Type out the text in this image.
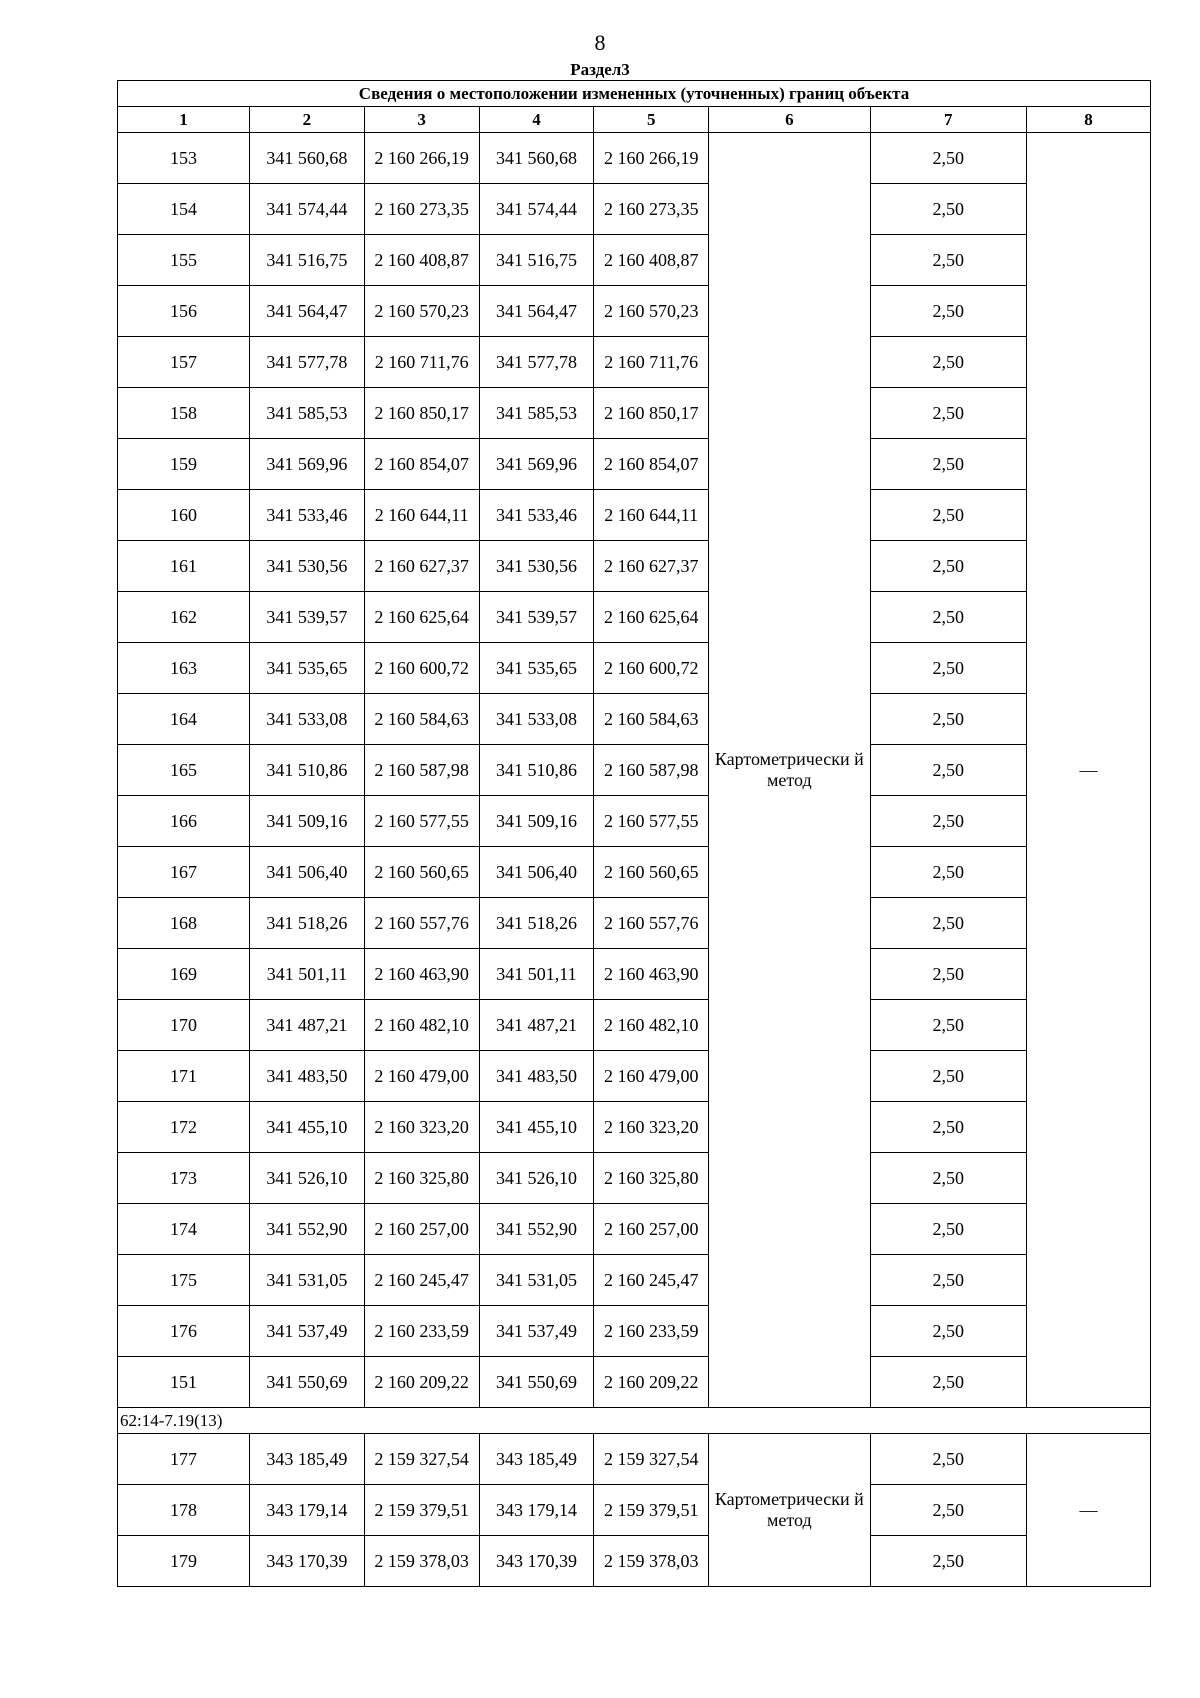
8
Раздел3
Сведения о местоположении измененных (уточненных) границ объекта							
1	2	3	4	5	6	7	8
153	341 560,68	2 160 266,19	341 560,68	2 160 266,19	Картометрически й метод	2,50	—
154	341 574,44	2 160 273,35	341 574,44	2 160 273,35		2,50	
155	341 516,75	2 160 408,87	341 516,75	2 160 408,87		2,50	
156	341 564,47	2 160 570,23	341 564,47	2 160 570,23		2,50	
157	341 577,78	2 160 711,76	341 577,78	2 160 711,76		2,50	
158	341 585,53	2 160 850,17	341 585,53	2 160 850,17		2,50	
159	341 569,96	2 160 854,07	341 569,96	2 160 854,07		2,50	
160	341 533,46	2 160 644,11	341 533,46	2 160 644,11		2,50	
161	341 530,56	2 160 627,37	341 530,56	2 160 627,37		2,50	
162	341 539,57	2 160 625,64	341 539,57	2 160 625,64		2,50	
163	341 535,65	2 160 600,72	341 535,65	2 160 600,72		2,50	
164	341 533,08	2 160 584,63	341 533,08	2 160 584,63		2,50	
165	341 510,86	2 160 587,98	341 510,86	2 160 587,98		2,50	
166	341 509,16	2 160 577,55	341 509,16	2 160 577,55		2,50	
167	341 506,40	2 160 560,65	341 506,40	2 160 560,65		2,50	
168	341 518,26	2 160 557,76	341 518,26	2 160 557,76		2,50	
169	341 501,11	2 160 463,90	341 501,11	2 160 463,90		2,50	
170	341 487,21	2 160 482,10	341 487,21	2 160 482,10		2,50	
171	341 483,50	2 160 479,00	341 483,50	2 160 479,00		2,50	
172	341 455,10	2 160 323,20	341 455,10	2 160 323,20		2,50	
173	341 526,10	2 160 325,80	341 526,10	2 160 325,80		2,50	
174	341 552,90	2 160 257,00	341 552,90	2 160 257,00		2,50	
175	341 531,05	2 160 245,47	341 531,05	2 160 245,47		2,50	
176	341 537,49	2 160 233,59	341 537,49	2 160 233,59		2,50	
151	341 550,69	2 160 209,22	341 550,69	2 160 209,22		2,50	
62:14-7.19(13)							
177	343 185,49	2 159 327,54	343 185,49	2 159 327,54	Картометрически й метод	2,50	—
178	343 179,14	2 159 379,51	343 179,14	2 159 379,51		2,50	
179	343 170,39	2 159 378,03	343 170,39	2 159 378,03		2,50	
